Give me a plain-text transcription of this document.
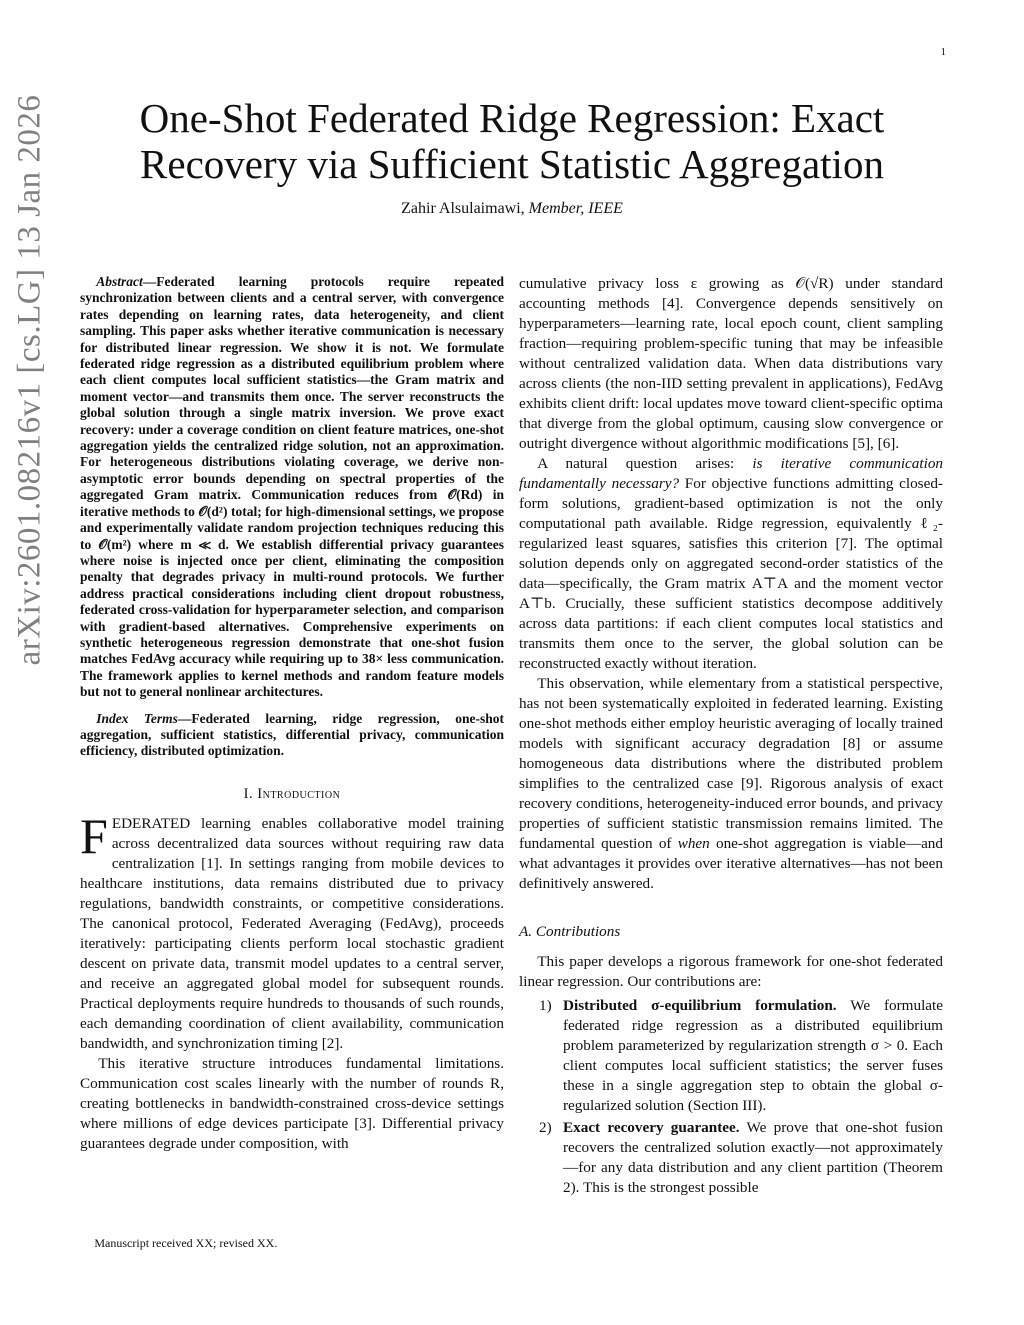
1
arXiv:2601.08216v1 [cs.LG] 13 Jan 2026	One-Shot Federated Ridge Regression: Exact
Recovery via Sufficient Statistic Aggregation
Zahir Alsulaimawi, Member, IEEE

Abstract—Federated learning protocols require repeated synchronization between clients and a central server, with convergence rates depending on learning rates, data heterogeneity, and client sampling. This paper asks whether iterative communication is necessary for distributed linear regression. We show it is not. We formulate federated ridge regression as a distributed equilibrium problem where each client computes local sufficient statistics—the Gram matrix and moment vector—and transmits them once. The server reconstructs the global solution through a single matrix inversion. We prove exact recovery: under a coverage condition on client feature matrices, one-shot aggregation yields the centralized ridge solution, not an approximation. For heterogeneous distributions violating coverage, we derive non-asymptotic error bounds depending on spectral properties of the aggregated Gram matrix. Communication reduces from 𝒪(Rd) in iterative methods to 𝒪(d²) total; for high-dimensional settings, we propose and experimentally validate random projection techniques reducing this to 𝒪(m²) where m ≪ d. We establish differential privacy guarantees where noise is injected once per client, eliminating the composition penalty that degrades privacy in multi-round protocols. We further address practical considerations including client dropout robustness, federated cross-validation for hyperparameter selection, and comparison with gradient-based alternatives. Comprehensive experiments on synthetic heterogeneous regression demonstrate that one-shot fusion matches FedAvg accuracy while requiring up to 38× less communication. The framework applies to kernel methods and random feature models but not to general nonlinear architectures.

Index Terms—Federated learning, ridge regression, one-shot aggregation, sufficient statistics, differential privacy, communication efficiency, distributed optimization.

I. Introduction

FEDERATED learning enables collaborative model training across decentralized data sources without requiring raw data centralization [1]. In settings ranging from mobile devices to healthcare institutions, data remains distributed due to privacy regulations, bandwidth constraints, or competitive considerations. The canonical protocol, Federated Averaging (FedAvg), proceeds iteratively: participating clients perform local stochastic gradient descent on private data, transmit model updates to a central server, and receive an aggregated global model for subsequent rounds. Practical deployments require hundreds to thousands of such rounds, each demanding coordination of client availability, communication bandwidth, and synchronization timing [2].

This iterative structure introduces fundamental limitations. Communication cost scales linearly with the number of rounds R, creating bottlenecks in bandwidth-constrained cross-device settings where millions of edge devices participate [3]. Differential privacy guarantees degrade under composition, with

Manuscript received XX; revised XX.

cumulative privacy loss ε growing as 𝒪(√R) under standard accounting methods [4]. Convergence depends sensitively on hyperparameters—learning rate, local epoch count, client sampling fraction—requiring problem-specific tuning that may be infeasible without centralized validation data. When data distributions vary across clients (the non-IID setting prevalent in applications), FedAvg exhibits client drift: local updates move toward client-specific optima that diverge from the global optimum, causing slow convergence or outright divergence without algorithmic modifications [5], [6].

A natural question arises: is iterative communication fundamentally necessary? For objective functions admitting closed-form solutions, gradient-based optimization is not the only computational path available. Ridge regression, equivalently ℓ₂-regularized least squares, satisfies this criterion [7]. The optimal solution depends only on aggregated second-order statistics of the data—specifically, the Gram matrix A⊤A and the moment vector A⊤b. Crucially, these sufficient statistics decompose additively across data partitions: if each client computes local statistics and transmits them once to the server, the global solution can be reconstructed exactly without iteration.

This observation, while elementary from a statistical perspective, has not been systematically exploited in federated learning. Existing one-shot methods either employ heuristic averaging of locally trained models with significant accuracy degradation [8] or assume homogeneous data distributions where the distributed problem simplifies to the centralized case [9]. Rigorous analysis of exact recovery conditions, heterogeneity-induced error bounds, and privacy properties of sufficient statistic transmission remains limited. The fundamental question of when one-shot aggregation is viable—and what advantages it provides over iterative alternatives—has not been definitively answered.

A. Contributions

This paper develops a rigorous framework for one-shot federated linear regression. Our contributions are:

1) Distributed σ-equilibrium formulation. We formulate federated ridge regression as a distributed equilibrium problem parameterized by regularization strength σ > 0. Each client computes local sufficient statistics; the server fuses these in a single aggregation step to obtain the global σ-regularized solution (Section III).
2) Exact recovery guarantee. We prove that one-shot fusion recovers the centralized solution exactly—not approximately—for any data distribution and any client partition (Theorem 2). This is the strongest possible
